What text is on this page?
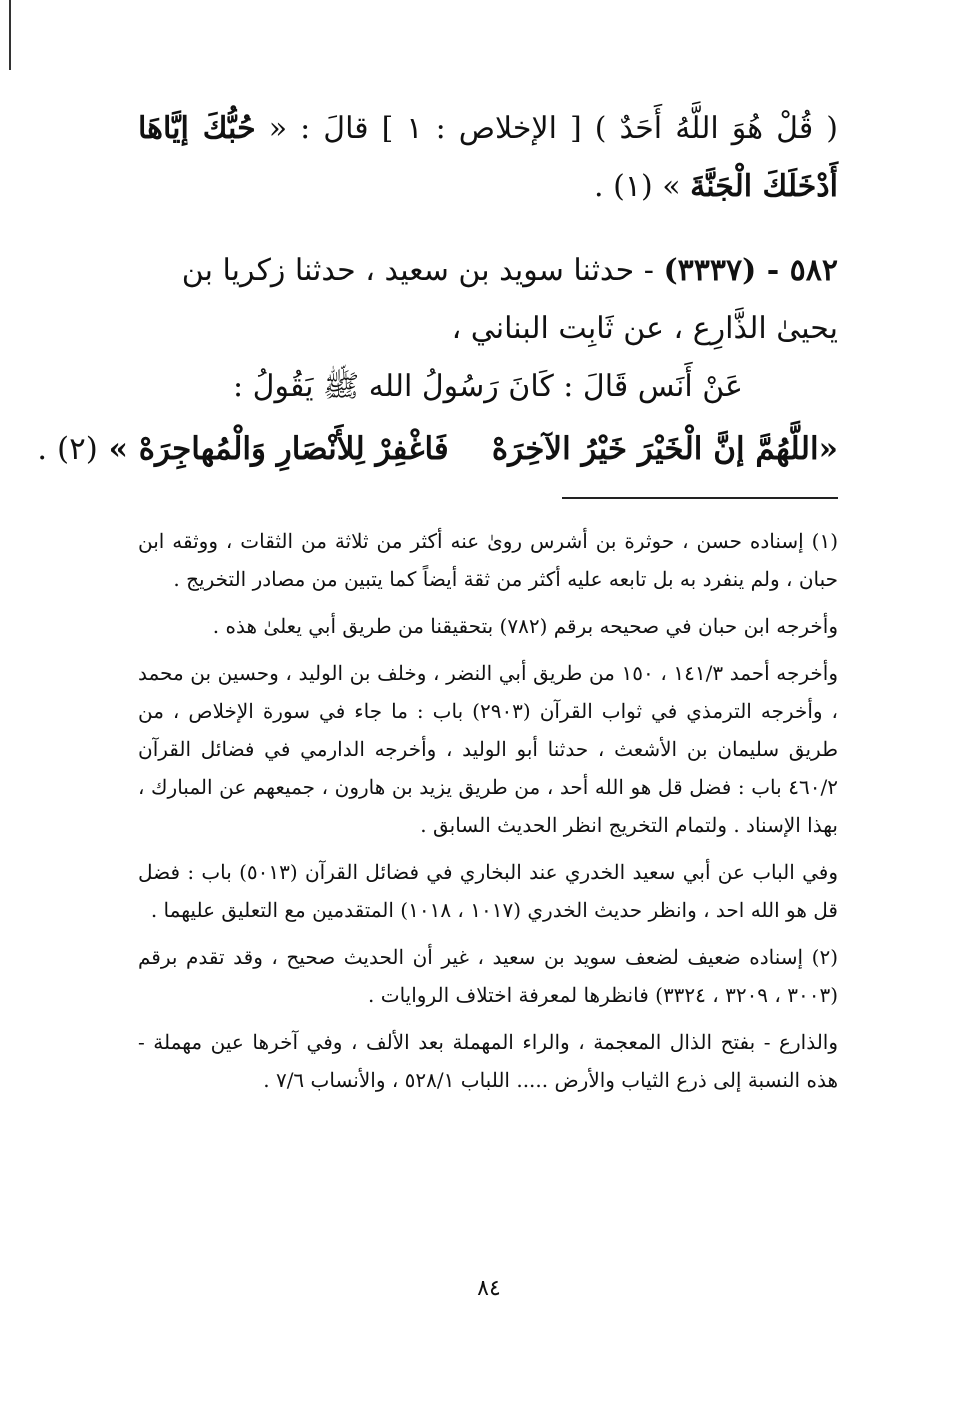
( قُلْ هُوَ اللَّهُ أَحَدٌ ) [ الإخلاص : ١ ] قالَ : « حُبُّكَ إيَّاهَا أَدْخَلَكَ الْجَنَّةَ » (١) .

٥٨٢ - (٣٣٣٧) - حدثنا سويد بن سعيد ، حدثنا زكريا بن
يحيىٰ الذَّارِع ، عن ثَابِت البناني ،

عَنْ أَنَس قَالَ : كَانَ رَسُولُ الله ﷺ يَقُولُ :

«اللَّهُمَّ إنَّ الْخَيْرَ خَيْرُ الآخِرَهْ    فَاغْفِرْ لِلأَنْصَارِ وَالْمُهاجِرَهْ » (٢) .

(١) إسناده حسن ، حوثرة بن أشرس روىٰ عنه أكثر من ثلاثة من الثقات ، ووثقه ابن حبان ، ولم ينفرد به بل تابعه عليه أكثر من ثقة أيضاً كما يتبين من مصادر التخريج .

وأخرجه ابن حبان في صحيحه برقم (٧٨٢) بتحقيقنا من طريق أبي يعلىٰ هذه .

وأخرجه أحمد ١٤١/٣ ، ١٥٠ من طريق أبي النضر ، وخلف بن الوليد ، وحسين بن محمد ، وأخرجه الترمذي في ثواب القرآن (٢٩٠٣) باب : ما جاء في سورة الإخلاص ، من طريق سليمان بن الأشعث ، حدثنا أبو الوليد ، وأخرجه الدارمي في فضائل القرآن ٤٦٠/٢ باب : فضل قل هو الله أحد ، من طريق يزيد بن هارون ، جميعهم عن المبارك ، بهذا الإسناد . ولتمام التخريج انظر الحديث السابق .

وفي الباب عن أبي سعيد الخدري عند البخاري في فضائل القرآن (٥٠١٣) باب : فضل قل هو الله احد ، وانظر حديث الخدري (١٠١٧ ، ١٠١٨) المتقدمين مع التعليق عليهما .

(٢) إسناده ضعيف لضعف سويد بن سعيد ، غير أن الحديث صحيح ، وقد تقدم برقم (٣٠٠٣ ، ٣٢٠٩ ، ٣٣٢٤) فانظرها لمعرفة اختلاف الروايات .

والذارع - بفتح الذال المعجمة ، والراء المهملة بعد الألف ، وفي آخرها عين مهملة - هذه النسبة إلى ذرع الثياب والأرض ..... اللباب ٥٢٨/١ ، والأنساب ٧/٦ .

٨٤
